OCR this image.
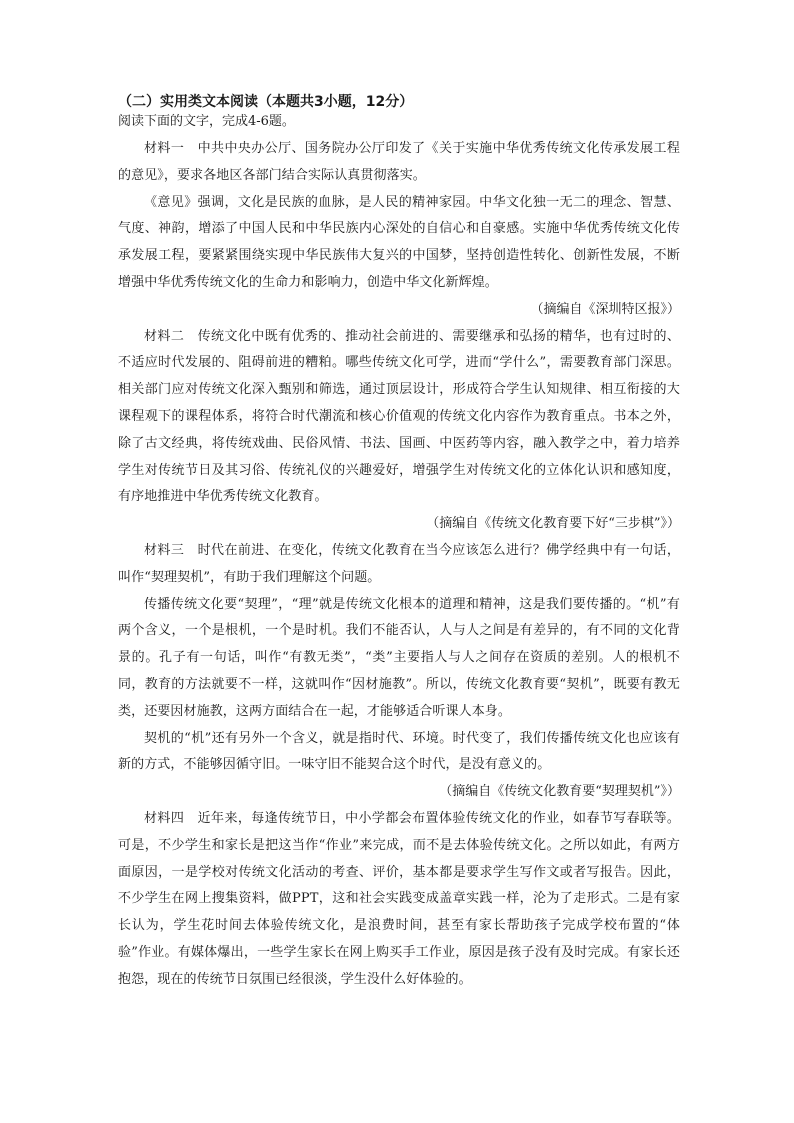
（二）实用类文本阅读（本题共3小题，12分）

阅读下面的文字，完成4-6题。

材料一　中共中央办公厅、国务院办公厅印发了《关于实施中华优秀传统文化传承发展工程的意见》，要求各地区各部门结合实际认真贯彻落实。

《意见》强调，文化是民族的血脉，是人民的精神家园。中华文化独一无二的理念、智慧、气度、神韵，增添了中国人民和中华民族内心深处的自信心和自豪感。实施中华优秀传统文化传承发展工程，要紧紧围绕实现中华民族伟大复兴的中国梦，坚持创造性转化、创新性发展，不断增强中华优秀传统文化的生命力和影响力，创造中华文化新辉煌。

（摘编自《深圳特区报》）

材料二　传统文化中既有优秀的、推动社会前进的、需要继承和弘扬的精华，也有过时的、不适应时代发展的、阻碍前进的糟粕。哪些传统文化可学，进而“学什么”，需要教育部门深思。相关部门应对传统文化深入甄别和筛选，通过顶层设计，形成符合学生认知规律、相互衔接的大课程观下的课程体系，将符合时代潮流和核心价值观的传统文化内容作为教育重点。书本之外，除了古文经典，将传统戏曲、民俗风情、书法、国画、中医药等内容，融入教学之中，着力培养学生对传统节日及其习俗、传统礼仪的兴趣爱好，增强学生对传统文化的立体化认识和感知度，有序地推进中华优秀传统文化教育。

（摘编自《传统文化教育要下好“三步棋”》）

材料三　时代在前进、在变化，传统文化教育在当今应该怎么进行？佛学经典中有一句话，叫作“契理契机”，有助于我们理解这个问题。

传播传统文化要“契理”，“理”就是传统文化根本的道理和精神，这是我们要传播的。“机”有两个含义，一个是根机，一个是时机。我们不能否认，人与人之间是有差异的，有不同的文化背景的。孔子有一句话，叫作“有教无类”，“类”主要指人与人之间存在资质的差别。人的根机不同，教育的方法就要不一样，这就叫作“因材施教”。所以，传统文化教育要“契机”，既要有教无类，还要因材施教，这两方面结合在一起，才能够适合听课人本身。

契机的“机”还有另外一个含义，就是指时代、环境。时代变了，我们传播传统文化也应该有新的方式，不能够因循守旧。一味守旧不能契合这个时代，是没有意义的。

（摘编自《传统文化教育要“契理契机”》）

材料四　近年来，每逢传统节日，中小学都会布置体验传统文化的作业，如春节写春联等。可是，不少学生和家长是把这当作“作业”来完成，而不是去体验传统文化。之所以如此，有两方面原因，一是学校对传统文化活动的考查、评价，基本都是要求学生写作文或者写报告。因此，不少学生在网上搜集资料，做PPT，这和社会实践变成盖章实践一样，沦为了走形式。二是有家长认为，学生花时间去体验传统文化，是浪费时间，甚至有家长帮助孩子完成学校布置的“体验”作业。有媒体爆出，一些学生家长在网上购买手工作业，原因是孩子没有及时完成。有家长还抱怨，现在的传统节日氛围已经很淡，学生没什么好体验的。
